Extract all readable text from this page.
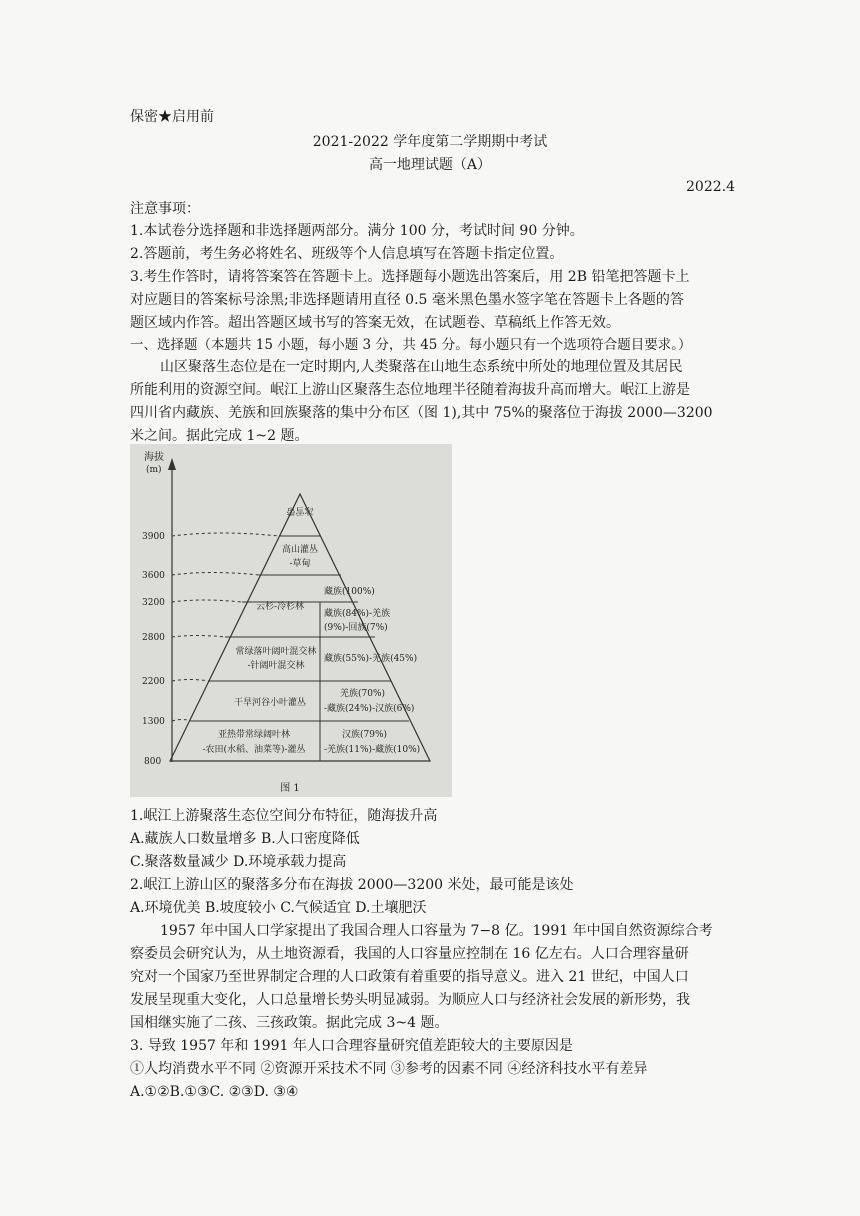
保密★启用前
2021-2022 学年度第二学期期中考试
高一地理试题（A）
2022.4
注意事项：
1.本试卷分选择题和非选择题两部分。满分 100 分，考试时间 90 分钟。
2.答题前，考生务必将姓名、班级等个人信息填写在答题卡指定位置。
3.考生作答时，请将答案答在答题卡上。选择题每小题选出答案后，用 2B 铅笔把答题卡上
对应题目的答案标号涂黑;非选择题请用直径 0.5 毫米黑色墨水签字笔在答题卡上各题的答
题区域内作答。超出答题区域书写的答案无效，在试题卷、草稿纸上作答无效。
一、选择题（本题共 15 小题，每小题 3 分，共 45 分。每小题只有一个选项符合题目要求。）
山区聚落生态位是在一定时期内,人类聚落在山地生态系统中所处的地理位置及其居民
所能利用的资源空间。岷江上游山区聚落生态位地理半径随着海拔升高而增大。岷江上游是
四川省内藏族、羌族和回族聚落的集中分布区（图 1),其中 75%的聚落位于海拔 2000—3200
米之间。据此完成 1~2 题。
海拔
(m)
3900
3600
3200
2800
2200
1300
800
冰雪带
高山灌丛
-草甸
云杉-冷杉林
藏族(100%)
藏族(84%)-羌族
(9%)-回族(7%)
常绿落叶阔叶混交林
-针阔叶混交林
藏族(55%)-羌族(45%)
干旱河谷小叶灌丛
羌族(70%)
-藏族(24%)-汉族(6%)
亚热带常绿阔叶林
-农田(水稻、油菜等)-灌丛
汉族(79%)
-羌族(11%)-藏族(10%)
图 1
1.岷江上游聚落生态位空间分布特征，随海拔升高
A.藏族人口数量增多 B.人口密度降低
C.聚落数量减少 D.环境承载力提高
2.岷江上游山区的聚落多分布在海拔 2000—3200 米处，最可能是该处
A.环境优美 B.坡度较小 C.气候适宜 D.土壤肥沃
1957 年中国人口学家提出了我国合理人口容量为 7−8 亿。1991 年中国自然资源综合考
察委员会研究认为，从土地资源看，我国的人口容量应控制在 16 亿左右。人口合理容量研
究对一个国家乃至世界制定合理的人口政策有着重要的指导意义。进入 21 世纪，中国人口
发展呈现重大变化，人口总量增长势头明显减弱。为顺应人口与经济社会发展的新形势，我
国相继实施了二孩、三孩政策。据此完成 3~4 题。
3. 导致 1957 年和 1991 年人口合理容量研究值差距较大的主要原因是
①人均消费水平不同 ②资源开采技术不同 ③参考的因素不同 ④经济科技水平有差异
A.①②B.①③C. ②③D. ③④
